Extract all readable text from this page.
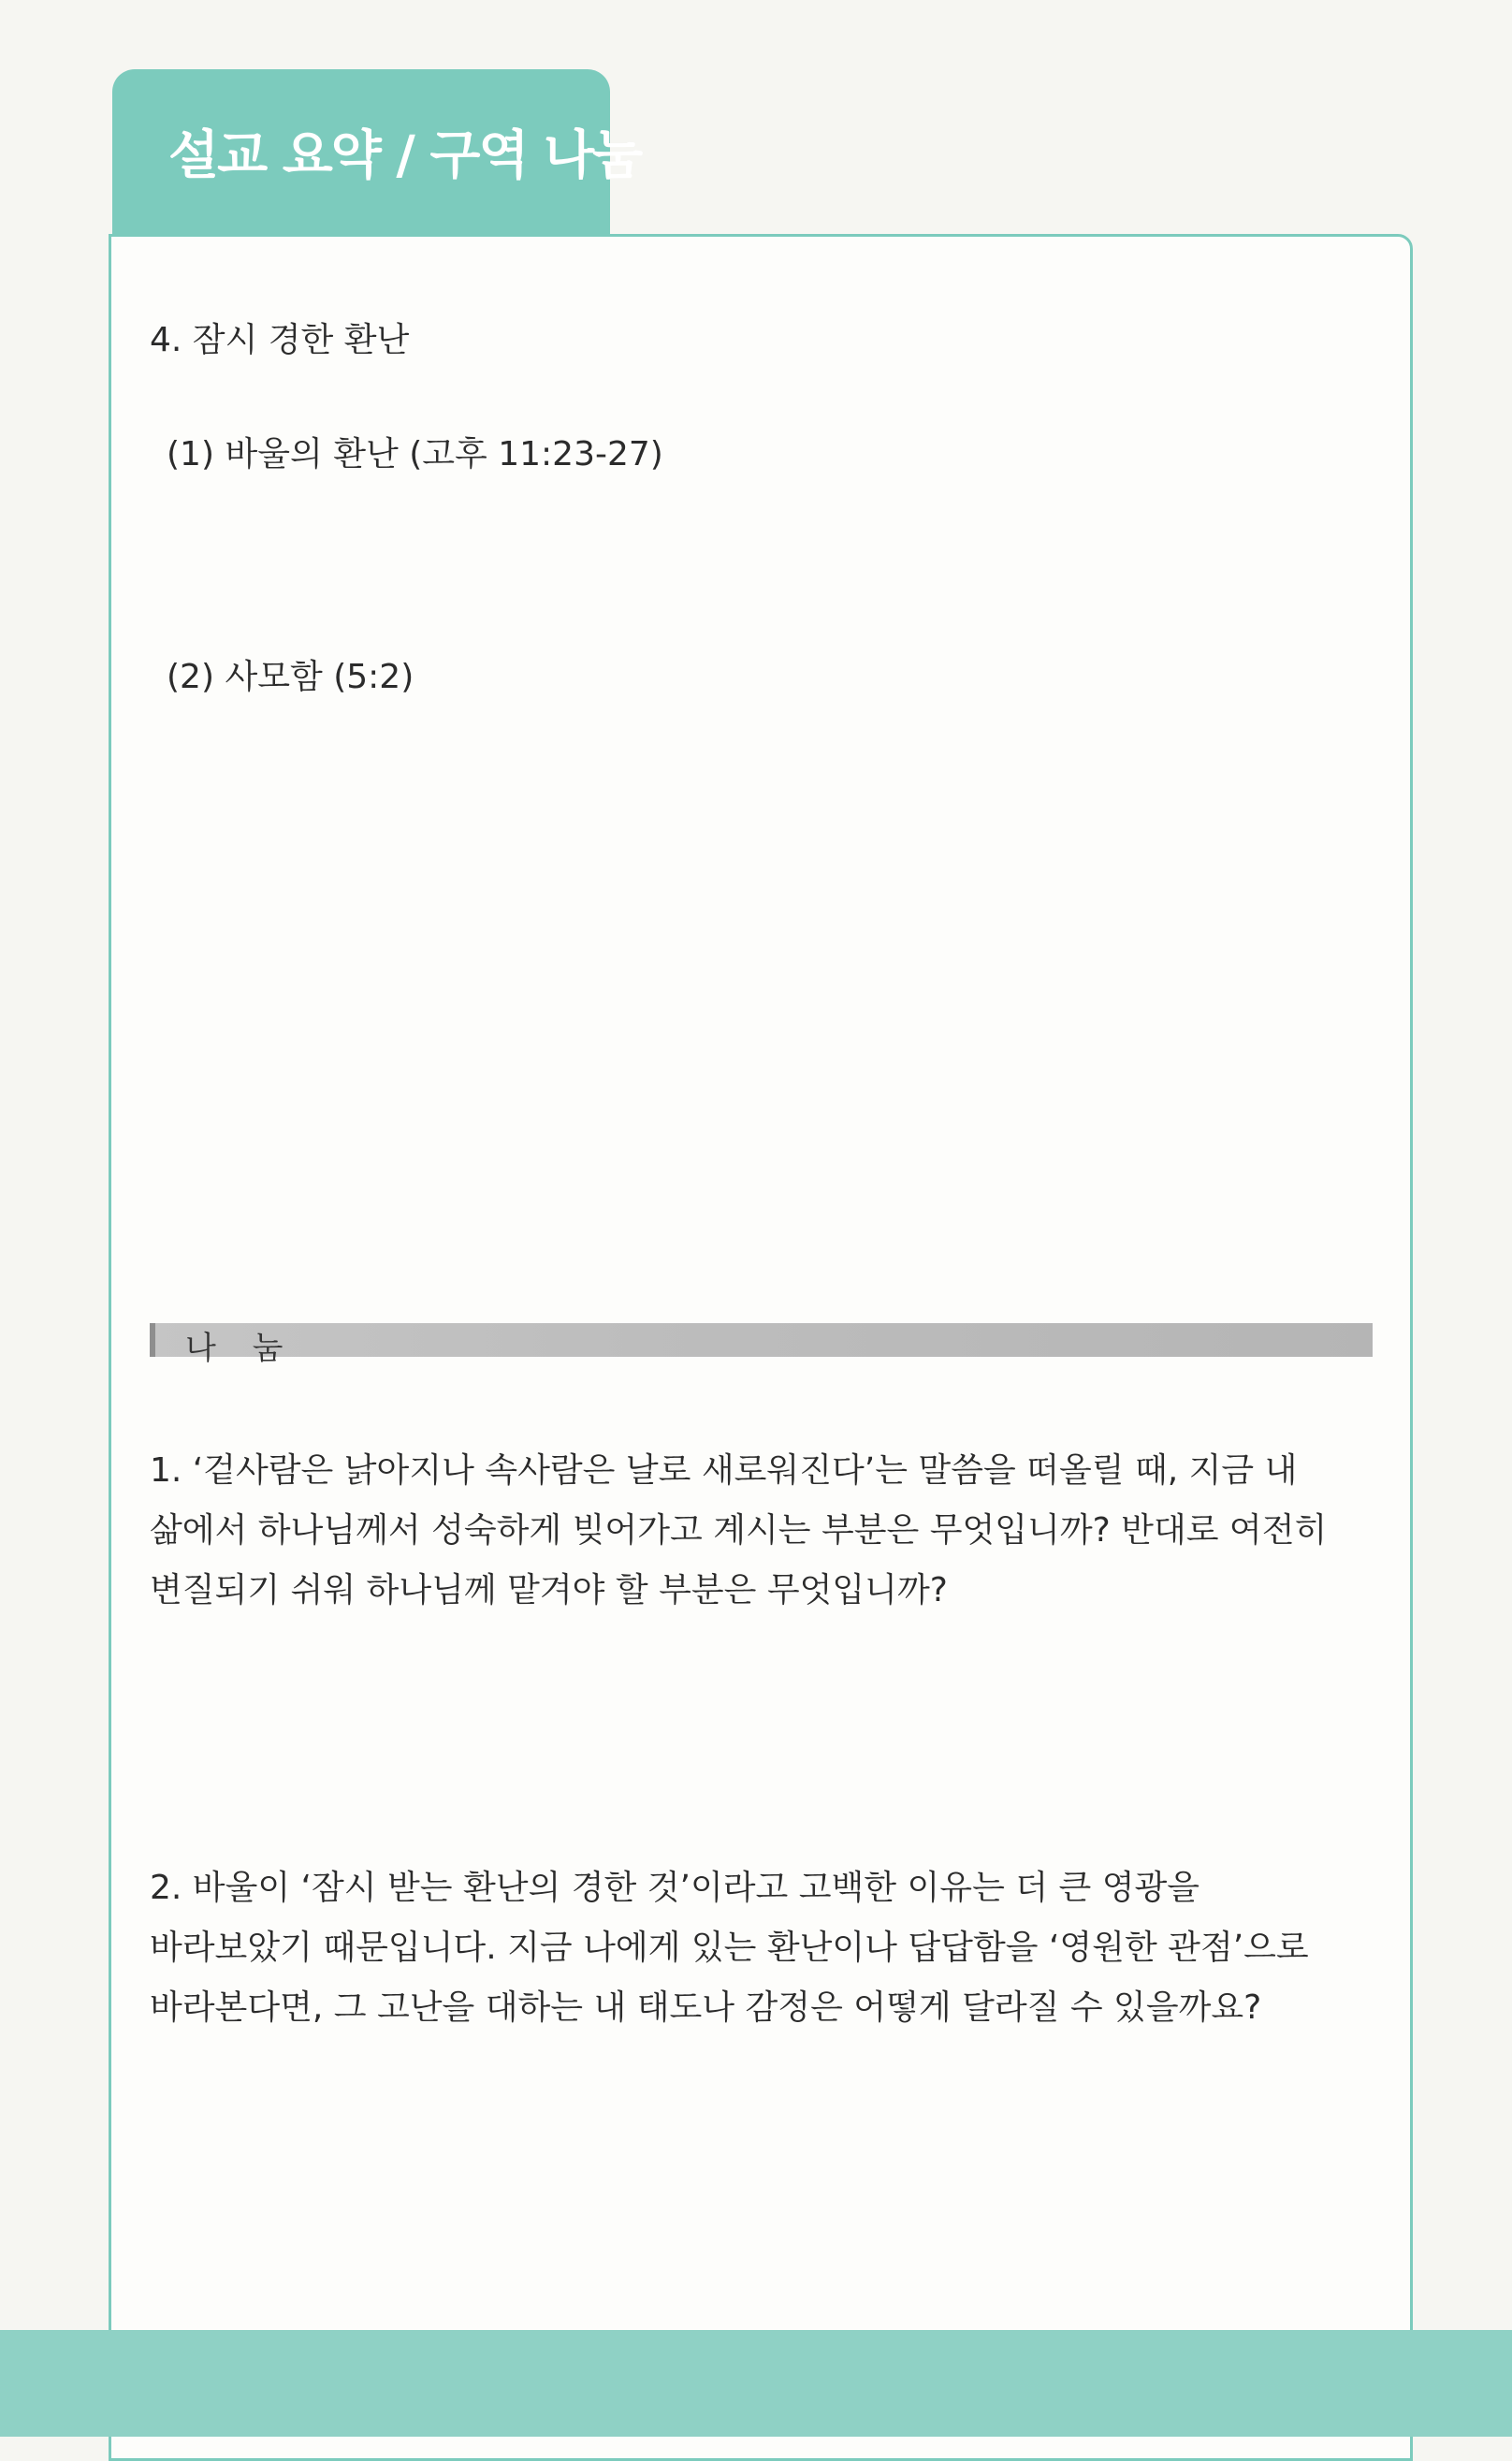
설교 요약 / 구역 나눔
4. 잠시 경한 환난
(1) 바울의 환난 (고후 11:23-27)
(2) 사모함 (5:2)
나 눔
1. ‘겉사람은 낡아지나 속사람은 날로 새로워진다’는 말씀을 떠올릴 때, 지금 내
삶에서 하나님께서 성숙하게 빚어가고 계시는 부분은 무엇입니까? 반대로 여전히
변질되기 쉬워 하나님께 맡겨야 할 부분은 무엇입니까?
2. 바울이 ‘잠시 받는 환난의 경한 것’이라고 고백한 이유는 더 큰 영광을
바라보았기 때문입니다. 지금 나에게 있는 환난이나 답답함을 ‘영원한 관점’으로
바라본다면, 그 고난을 대하는 내 태도나 감정은 어떻게 달라질 수 있을까요?
